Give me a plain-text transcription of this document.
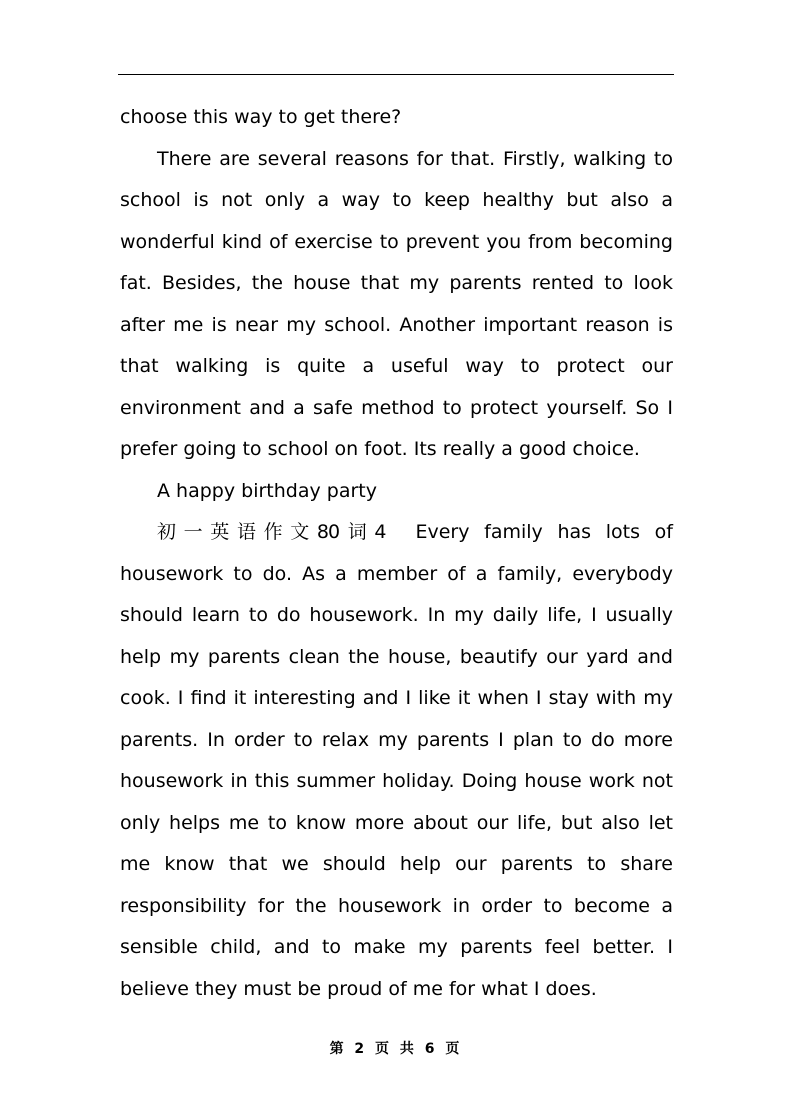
choose this way to get there?

There are several reasons for that. Firstly, walking to school is not only a way to keep healthy but also a wonderful kind of exercise to prevent you from becoming fat. Besides, the house that my parents rented to look after me is near my school. Another important reason is that walking is quite a useful way to protect our environment and a safe method to protect yourself. So I prefer going to school on foot. Its really a good choice.

A happy birthday party

初一英语作文80词4 Every family has lots of housework to do. As a member of a family, everybody should learn to do housework. In my daily life, I usually help my parents clean the house, beautify our yard and cook. I find it interesting and I like it when I stay with my parents. In order to relax my parents I plan to do more housework in this summer holiday. Doing house work not only helps me to know more about our life, but also let me know that we should help our parents to share responsibility for the housework in order to become a sensible child, and to make my parents feel better. I believe they must be proud of me for what I does.

第 2 页 共 6 页
